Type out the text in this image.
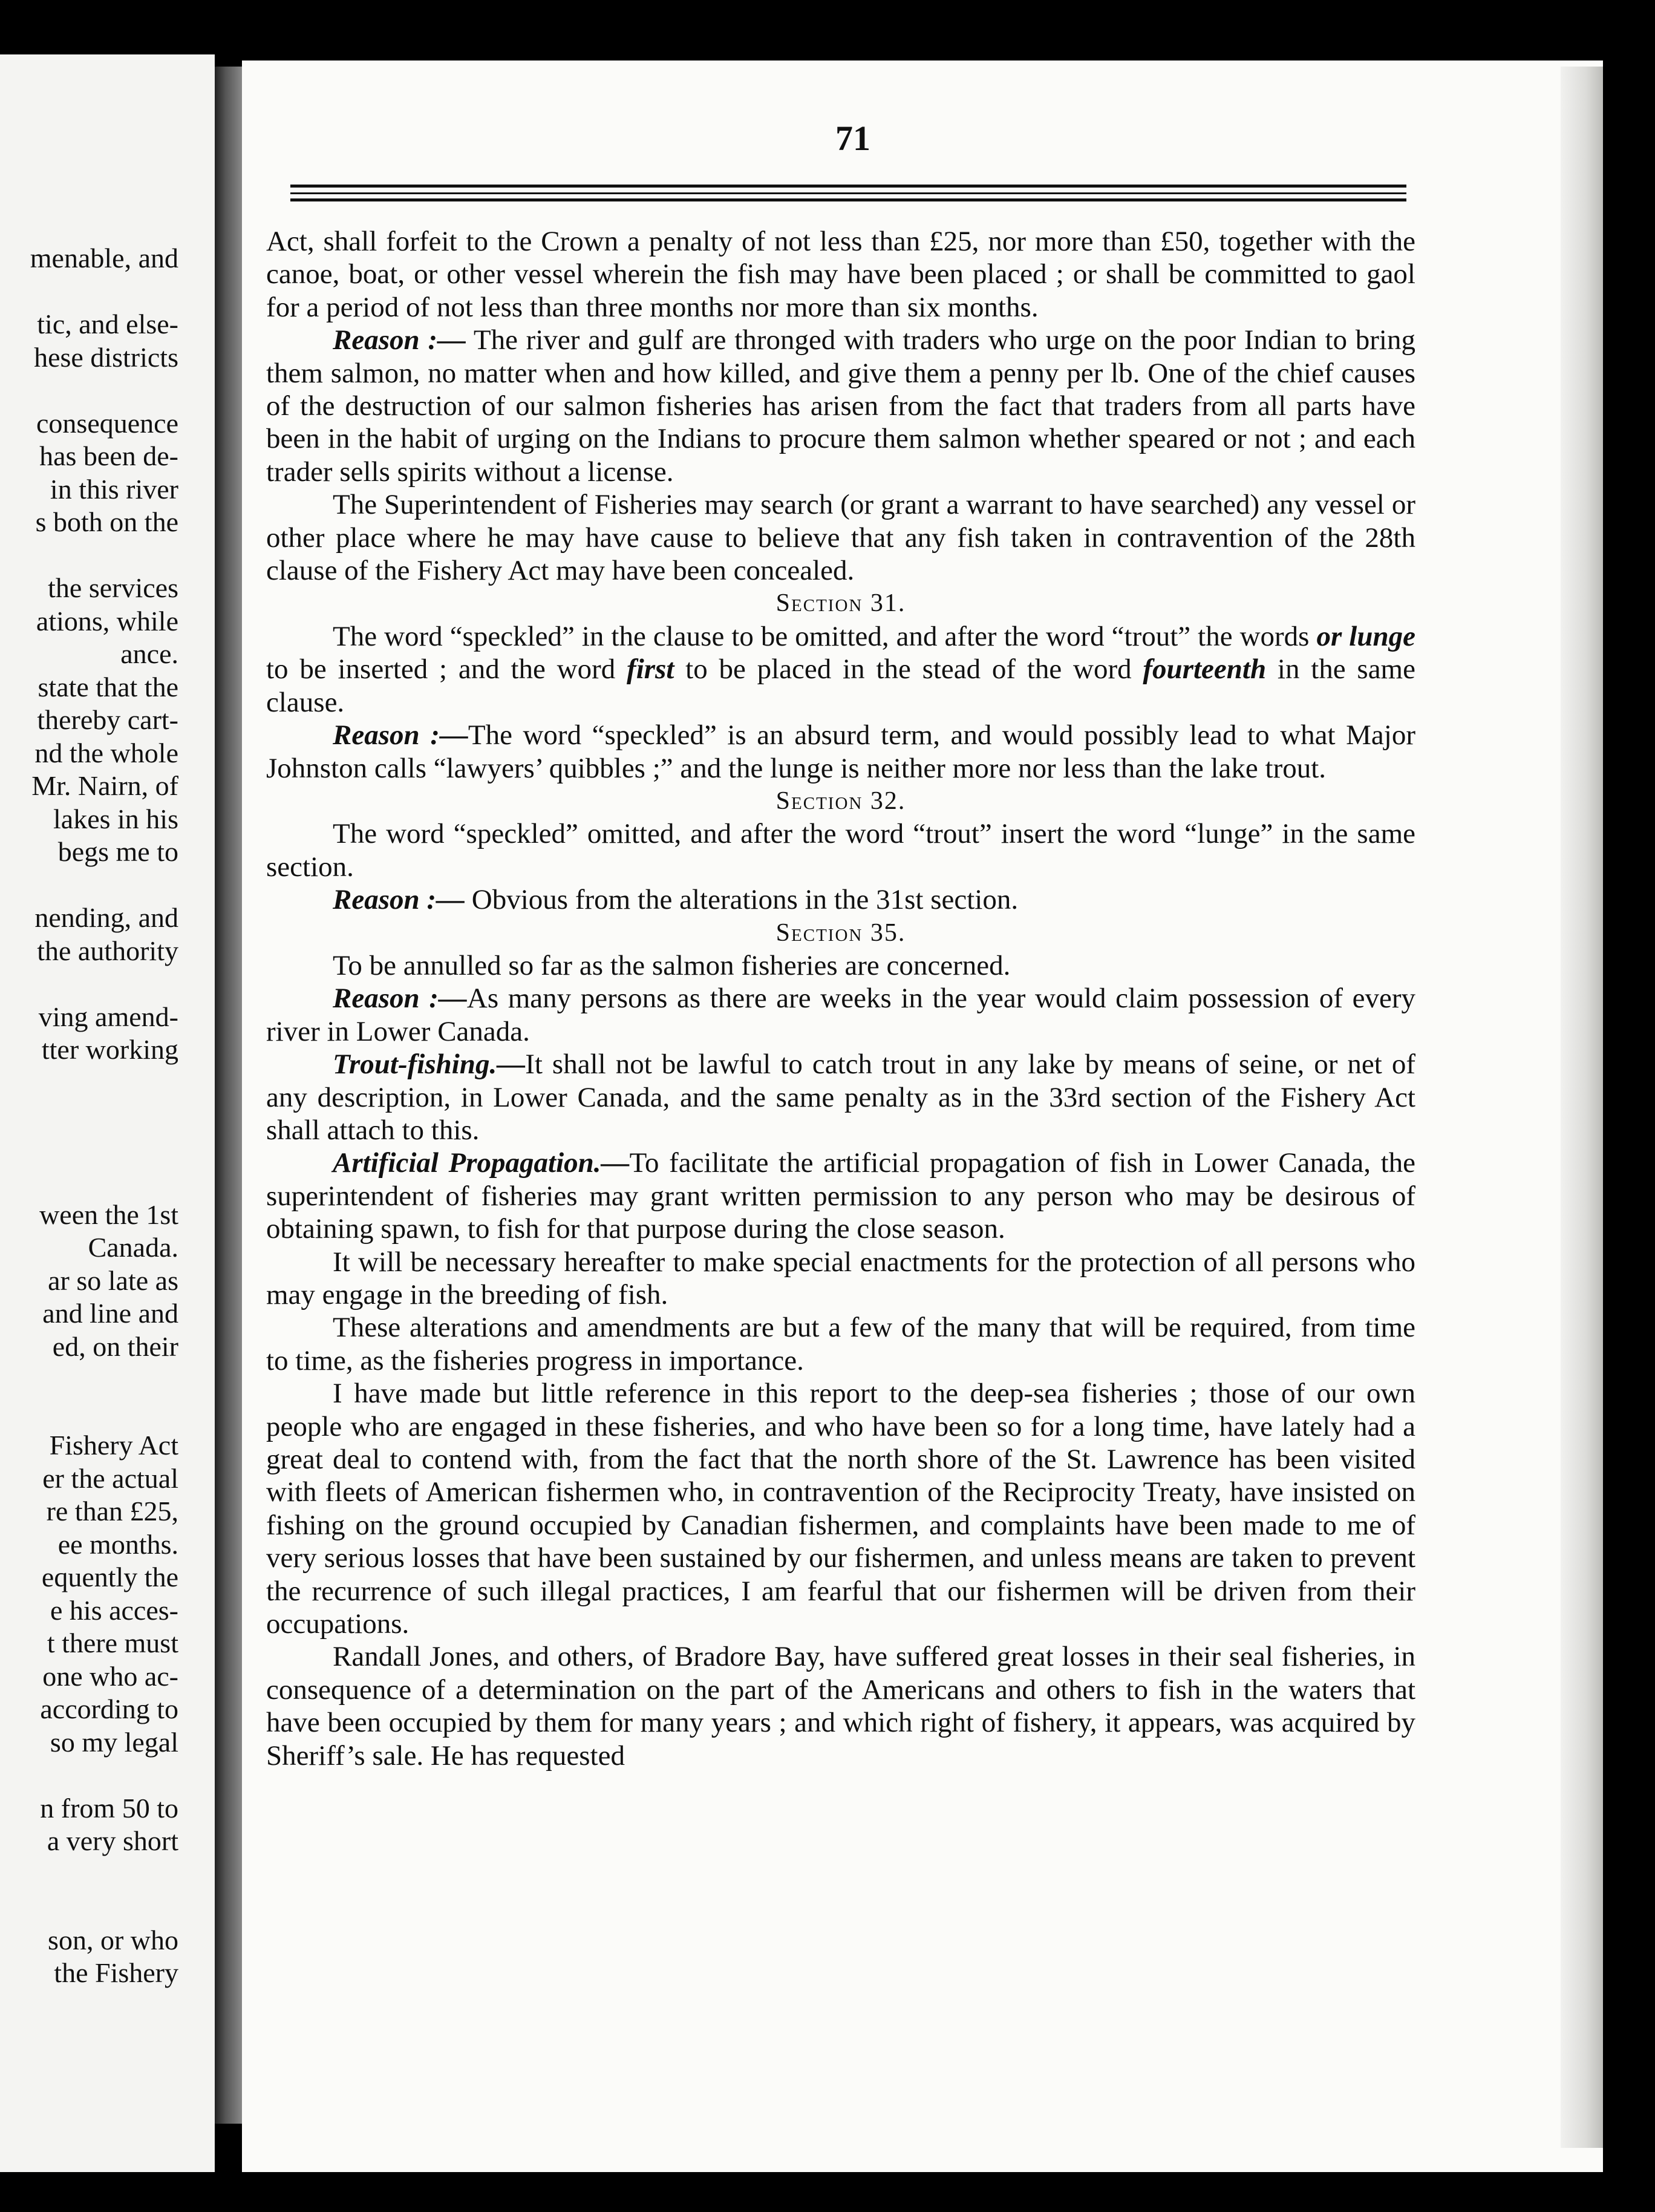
menable, and
tic, and else-
hese districts
consequence
has been de-
in this river
s both on the
the services
ations, while
ance.
state that the
thereby cart-
nd the whole
Mr. Nairn, of
lakes in his
begs me to
nending, and
the authority
ving amend-
tter working
ween the 1st
Canada.
ar so late as
and line and
ed, on their
Fishery Act
er the actual
re than £25,
ee months.
equently the
e his acces-
t there must
one who ac-
according to
so my legal
n from 50 to
a very short
son, or who
the Fishery
71

Act, shall forfeit to the Crown a penalty of not less than £25, nor more than £50, together with the canoe, boat, or other vessel wherein the fish may have been placed ; or shall be committed to gaol for a period of not less than three months nor more than six months.

Reason :— The river and gulf are thronged with traders who urge on the poor Indian to bring them salmon, no matter when and how killed, and give them a penny per lb. One of the chief causes of the destruction of our salmon fisheries has arisen from the fact that traders from all parts have been in the habit of urging on the Indians to procure them salmon whether speared or not ; and each trader sells spirits without a license.

The Superintendent of Fisheries may search (or grant a warrant to have searched) any vessel or other place where he may have cause to believe that any fish taken in contravention of the 28th clause of the Fishery Act may have been concealed.

Section 31.

The word “speckled” in the clause to be omitted, and after the word “trout” the words or lunge to be inserted ; and the word first to be placed in the stead of the word fourteenth in the same clause.

Reason :—The word “speckled” is an absurd term, and would possibly lead to what Major Johnston calls “lawyers’ quibbles ;” and the lunge is neither more nor less than the lake trout.

Section 32.

The word “speckled” omitted, and after the word “trout” insert the word “lunge” in the same section.

Reason :— Obvious from the alterations in the 31st section.

Section 35.

To be annulled so far as the salmon fisheries are concerned.

Reason :—As many persons as there are weeks in the year would claim possession of every river in Lower Canada.

Trout-fishing.—It shall not be lawful to catch trout in any lake by means of seine, or net of any description, in Lower Canada, and the same penalty as in the 33rd section of the Fishery Act shall attach to this.

Artificial Propagation.—To facilitate the artificial propagation of fish in Lower Canada, the superintendent of fisheries may grant written permission to any person who may be desirous of obtaining spawn, to fish for that purpose during the close season.

It will be necessary hereafter to make special enactments for the protection of all persons who may engage in the breeding of fish.

These alterations and amendments are but a few of the many that will be required, from time to time, as the fisheries progress in importance.

I have made but little reference in this report to the deep-sea fisheries ; those of our own people who are engaged in these fisheries, and who have been so for a long time, have lately had a great deal to contend with, from the fact that the north shore of the St. Lawrence has been visited with fleets of American fishermen who, in contravention of the Reciprocity Treaty, have insisted on fishing on the ground occupied by Canadian fishermen, and complaints have been made to me of very serious losses that have been sustained by our fishermen, and unless means are taken to prevent the recurrence of such illegal practices, I am fearful that our fishermen will be driven from their occupations.

Randall Jones, and others, of Bradore Bay, have suffered great losses in their seal fisheries, in consequence of a determination on the part of the Americans and others to fish in the waters that have been occupied by them for many years ; and which right of fishery, it appears, was acquired by Sheriff’s sale. He has requested
